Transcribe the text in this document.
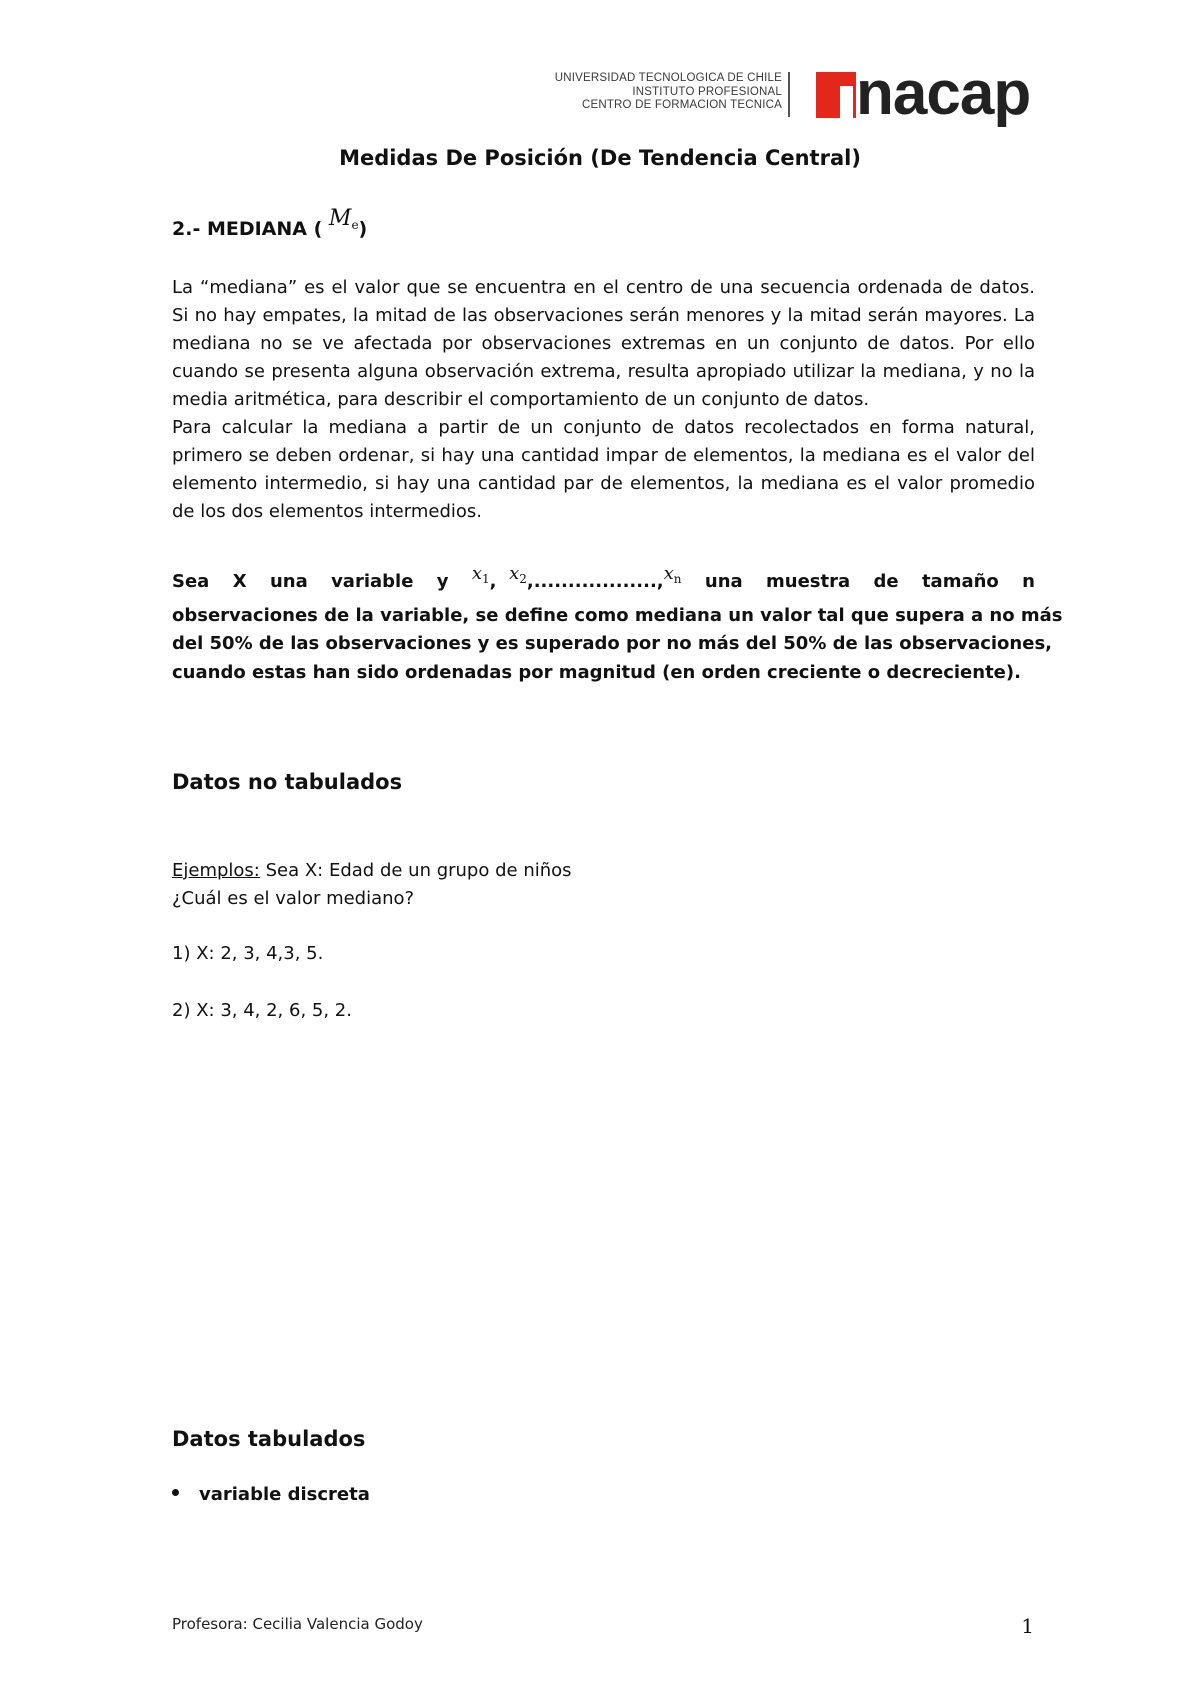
UNIVERSIDAD TECNOLOGICA DE CHILE
INSTITUTO PROFESIONAL
CENTRO DE FORMACION TECNICA nacap
Medidas De Posición (De Tendencia Central)
2.- MEDIANA ( $M_e$)

La “mediana” es el valor que se encuentra en el centro de una secuencia ordenada de datos. Si no hay empates, la mitad de las observaciones serán menores y la mitad serán mayores. La mediana no se ve afectada por observaciones extremas en un conjunto de datos. Por ello cuando se presenta alguna observación extrema, resulta apropiado utilizar la mediana, y no la media aritmética, para describir el comportamiento de un conjunto de datos.

Para calcular la mediana a partir de un conjunto de datos recolectados en forma natural, primero se deben ordenar, si hay una cantidad impar de elementos, la mediana es el valor del elemento intermedio, si hay una cantidad par de elementos, la mediana es el valor promedio de los dos elementos intermedios.

Sea X una variable y $x_1$, $x_2,..................,x_n$ una muestra de tamaño n
observaciones de la variable, se define como mediana un valor tal que supera a no más
del 50% de las observaciones y es superado por no más del 50% de las observaciones,
cuando estas han sido ordenadas por magnitud (en orden creciente o decreciente).
Datos no tabulados
Ejemplos: Sea X: Edad de un grupo de niños
¿Cuál es el valor mediano?
1) X: 2, 3, 4,3, 5.
2) X: 3, 4, 2, 6, 5, 2.
Datos tabulados
variable discreta
Profesora: Cecilia Valencia Godoy	1
